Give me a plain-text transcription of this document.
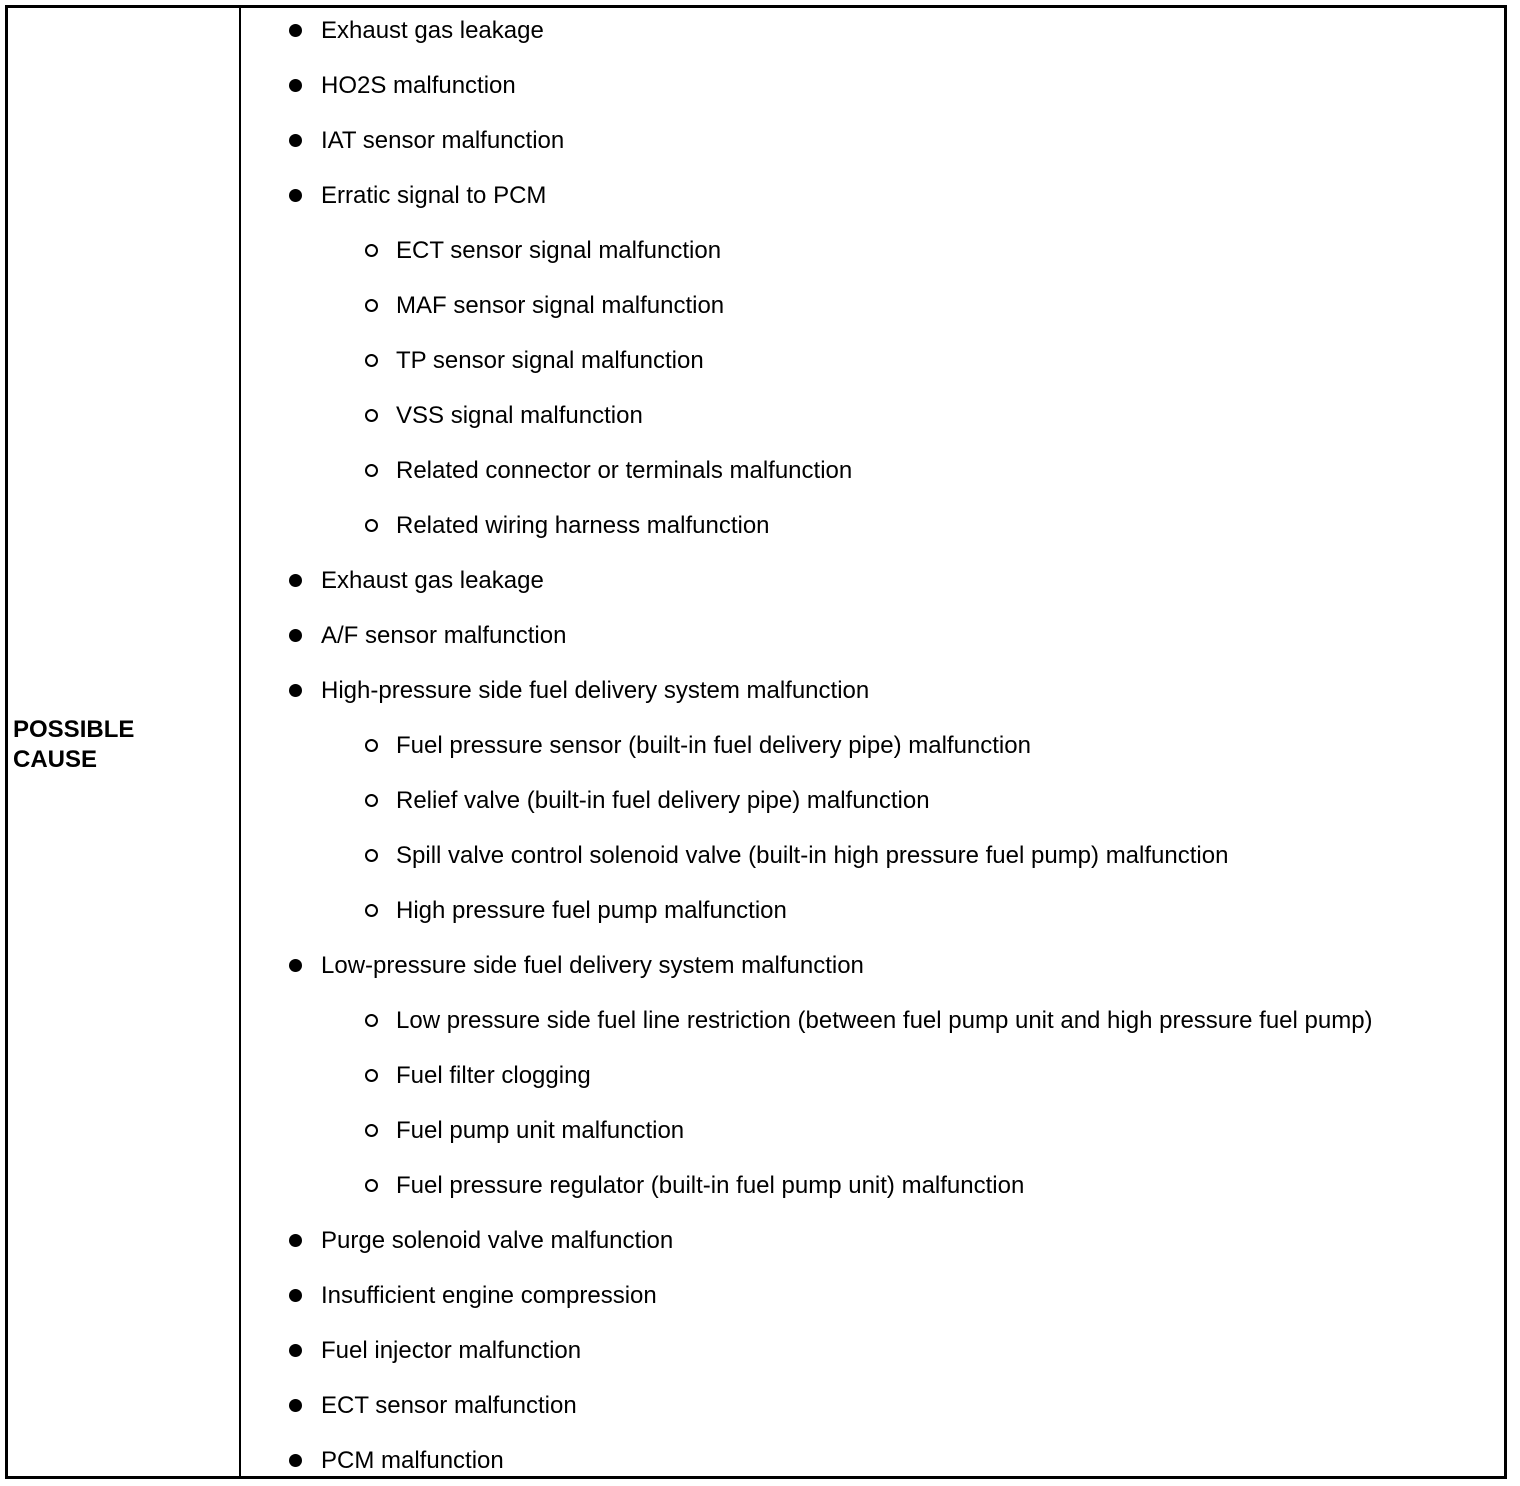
POSSIBLE
CAUSE
Exhaust gas leakage
HO2S malfunction
IAT sensor malfunction
Erratic signal to PCM
ECT sensor signal malfunction
MAF sensor signal malfunction
TP sensor signal malfunction
VSS signal malfunction
Related connector or terminals malfunction
Related wiring harness malfunction
Exhaust gas leakage
A/F sensor malfunction
High-pressure side fuel delivery system malfunction
Fuel pressure sensor (built-in fuel delivery pipe) malfunction
Relief valve (built-in fuel delivery pipe) malfunction
Spill valve control solenoid valve (built-in high pressure fuel pump) malfunction
High pressure fuel pump malfunction
Low-pressure side fuel delivery system malfunction
Low pressure side fuel line restriction (between fuel pump unit and high pressure fuel pump)
Fuel filter clogging
Fuel pump unit malfunction
Fuel pressure regulator (built-in fuel pump unit) malfunction
Purge solenoid valve malfunction
Insufficient engine compression
Fuel injector malfunction
ECT sensor malfunction
PCM malfunction
